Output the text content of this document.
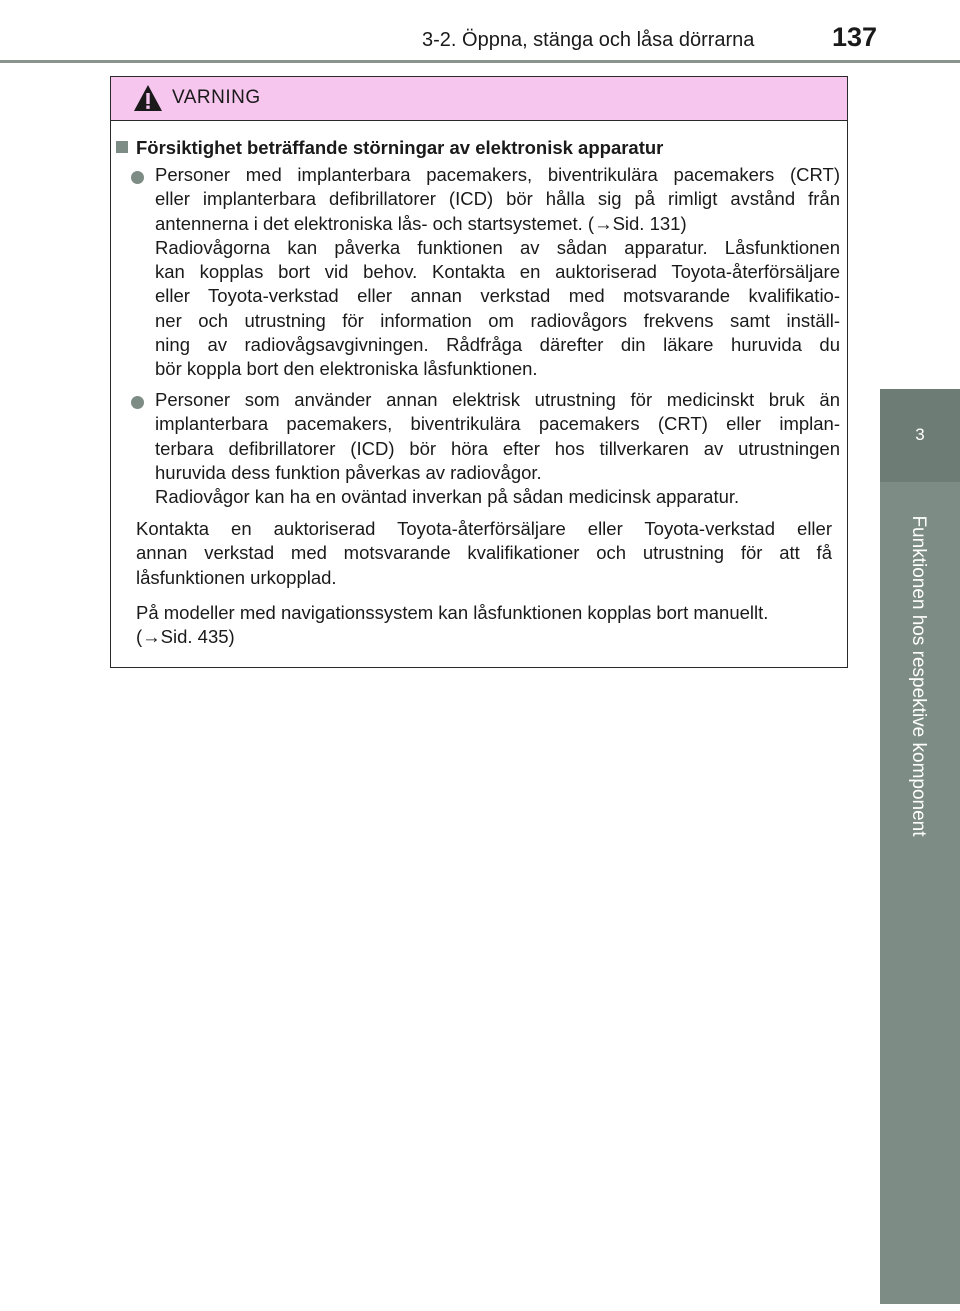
3-2. Öppna, stänga och låsa dörrarna	137
3
Funktionen hos respektive komponent
VARNING
Försiktighet beträffande störningar av elektronisk apparatur

Personer med implanterbara pacemakers, biventrikulära pacemakers (CRT)
eller implanterbara defibrillatorer (ICD) bör hålla sig på rimligt avstånd från
antennerna i det elektroniska lås- och startsystemet. (→Sid. 131)
Radiovågorna kan påverka funktionen av sådan apparatur. Låsfunktionen
kan kopplas bort vid behov. Kontakta en auktoriserad Toyota-återförsäljare
eller Toyota-verkstad eller annan verkstad med motsvarande kvalifikatio-
ner och utrustning för information om radiovågors frekvens samt inställ-
ning av radiovågsavgivningen. Rådfråga därefter din läkare huruvida du
bör koppla bort den elektroniska låsfunktionen.

Personer som använder annan elektrisk utrustning för medicinskt bruk än
implanterbara pacemakers, biventrikulära pacemakers (CRT) eller implan-
terbara defibrillatorer (ICD) bör höra efter hos tillverkaren av utrustningen
huruvida dess funktion påverkas av radiovågor.
Radiovågor kan ha en oväntad inverkan på sådan medicinsk apparatur.

Kontakta en auktoriserad Toyota-återförsäljare eller Toyota-verkstad eller
annan verkstad med motsvarande kvalifikationer och utrustning för att få
låsfunktionen urkopplad.

På modeller med navigationssystem kan låsfunktionen kopplas bort manuellt.
(→Sid. 435)
